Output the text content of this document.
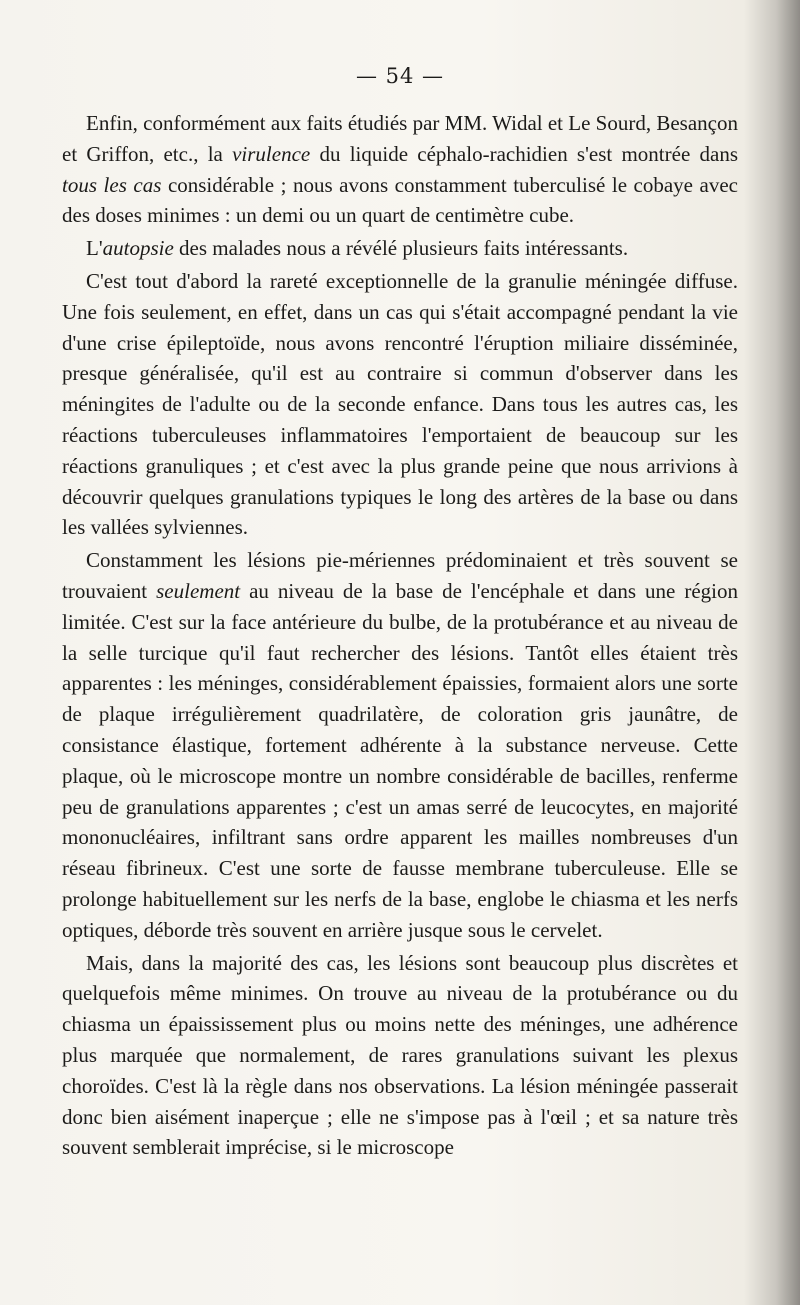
— 54 —

Enfin, conformément aux faits étudiés par MM. Widal et Le Sourd, Besançon et Griffon, etc., la virulence du liquide céphalo-rachidien s'est montrée dans tous les cas considérable ; nous avons constamment tuberculisé le cobaye avec des doses minimes : un demi ou un quart de centimètre cube.

L'autopsie des malades nous a révélé plusieurs faits intéressants.

C'est tout d'abord la rareté exceptionnelle de la granulie méningée diffuse. Une fois seulement, en effet, dans un cas qui s'était accompagné pendant la vie d'une crise épileptoïde, nous avons rencontré l'éruption miliaire disséminée, presque généralisée, qu'il est au contraire si commun d'observer dans les méningites de l'adulte ou de la seconde enfance. Dans tous les autres cas, les réactions tuberculeuses inflammatoires l'emportaient de beaucoup sur les réactions granuliques ; et c'est avec la plus grande peine que nous arrivions à découvrir quelques granulations typiques le long des artères de la base ou dans les vallées sylviennes.

Constamment les lésions pie-mériennes prédominaient et très souvent se trouvaient seulement au niveau de la base de l'encéphale et dans une région limitée. C'est sur la face antérieure du bulbe, de la protubérance et au niveau de la selle turcique qu'il faut rechercher des lésions. Tantôt elles étaient très apparentes : les méninges, considérablement épaissies, formaient alors une sorte de plaque irrégulièrement quadrilatère, de coloration gris jaunâtre, de consistance élastique, fortement adhérente à la substance nerveuse. Cette plaque, où le microscope montre un nombre considérable de bacilles, renferme peu de granulations apparentes ; c'est un amas serré de leucocytes, en majorité mononucléaires, infiltrant sans ordre apparent les mailles nombreuses d'un réseau fibrineux. C'est une sorte de fausse membrane tuberculeuse. Elle se prolonge habituellement sur les nerfs de la base, englobe le chiasma et les nerfs optiques, déborde très souvent en arrière jusque sous le cervelet.

Mais, dans la majorité des cas, les lésions sont beaucoup plus discrètes et quelquefois même minimes. On trouve au niveau de la protubérance ou du chiasma un épaississement plus ou moins nette des méninges, une adhérence plus marquée que normalement, de rares granulations suivant les plexus choroïdes. C'est là la règle dans nos observations. La lésion méningée passerait donc bien aisément inaperçue ; elle ne s'impose pas à l'œil ; et sa nature très souvent semblerait imprécise, si le microscope
